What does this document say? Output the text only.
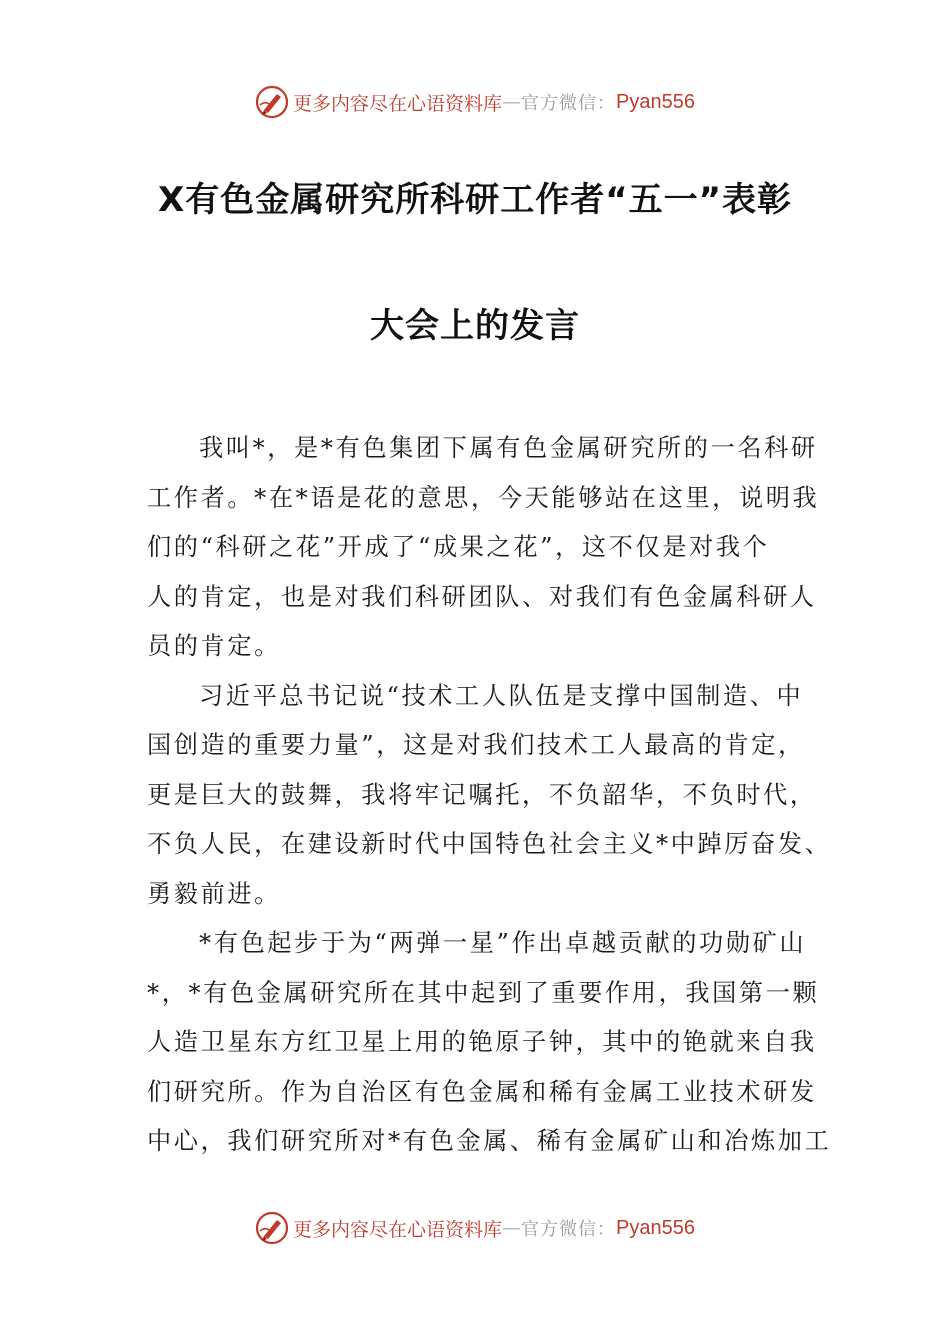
更多内容尽在心语资料库 — 官方微信： Pyan556
X有色金属研究所科研工作者“五一”表彰
大会上的发言
我叫*，是*有色集团下属有色金属研究所的一名科研
工作者。*在*语是花的意思，今天能够站在这里，说明我
们的“科研之花”开成了“成果之花”，这不仅是对我个
人的肯定，也是对我们科研团队、对我们有色金属科研人
员的肯定。
习近平总书记说“技术工人队伍是支撑中国制造、中
国创造的重要力量”，这是对我们技术工人最高的肯定，
更是巨大的鼓舞，我将牢记嘱托，不负韶华，不负时代，
不负人民，在建设新时代中国特色社会主义*中踔厉奋发、
勇毅前进。
*有色起步于为“两弹一星”作出卓越贡献的功勋矿山
*，*有色金属研究所在其中起到了重要作用，我国第一颗
人造卫星东方红卫星上用的铯原子钟，其中的铯就来自我
们研究所。作为自治区有色金属和稀有金属工业技术研发
中心，我们研究所对*有色金属、稀有金属矿山和冶炼加工
更多内容尽在心语资料库 — 官方微信： Pyan556
